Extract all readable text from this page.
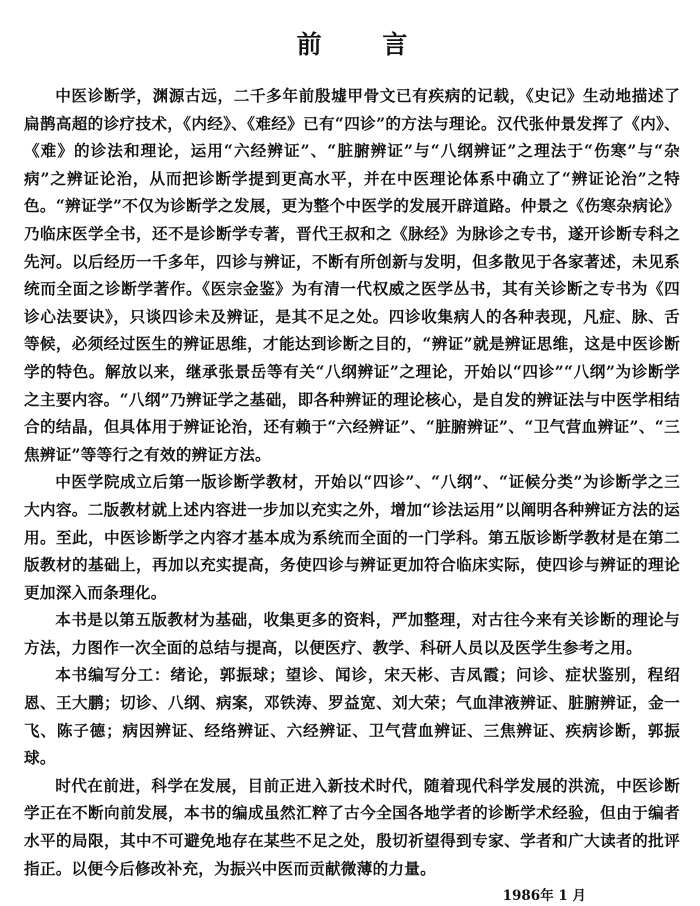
前 言

中医诊断学，渊源古远，二千多年前殷墟甲骨文已有疾病的记载，《史记》生动地描述了扁鹊高超的诊疗技术，《内经》、《难经》已有“四诊”的方法与理论。汉代张仲景发挥了《内》、《难》的诊法和理论，运用“六经辨证”、“脏腑辨证”与“八纲辨证”之理法于“伤寒”与“杂病”之辨证论治，从而把诊断学提到更高水平，并在中医理论体系中确立了“辨证论治”之特色。“辨证学”不仅为诊断学之发展，更为整个中医学的发展开辟道路。仲景之《伤寒杂病论》乃临床医学全书，还不是诊断学专著，晋代王叔和之《脉经》为脉诊之专书，遂开诊断专科之先河。以后经历一千多年，四诊与辨证，不断有所创新与发明，但多散见于各家著述，未见系统而全面之诊断学著作。《医宗金鉴》为有清一代权威之医学丛书，其有关诊断之专书为《四诊心法要诀》，只谈四诊未及辨证，是其不足之处。四诊收集病人的各种表现，凡症、脉、舌等候，必须经过医生的辨证思维，才能达到诊断之目的，“辨证”就是辨证思维，这是中医诊断学的特色。解放以来，继承张景岳等有关“八纲辨证”之理论，开始以“四诊”“八纲”为诊断学之主要内容。“八纲”乃辨证学之基础，即各种辨证的理论核心，是自发的辨证法与中医学相结合的结晶，但具体用于辨证论治，还有赖于“六经辨证”、“脏腑辨证”、“卫气营血辨证”、“三焦辨证”等等行之有效的辨证方法。

中医学院成立后第一版诊断学教材，开始以“四诊”、“八纲”、“证候分类”为诊断学之三大内容。二版教材就上述内容进一步加以充实之外，增加“诊法运用”以阐明各种辨证方法的运用。至此，中医诊断学之内容才基本成为系统而全面的一门学科。第五版诊断学教材是在第二版教材的基础上，再加以充实提高，务使四诊与辨证更加符合临床实际，使四诊与辨证的理论更加深入而条理化。

本书是以第五版教材为基础，收集更多的资料，严加整理，对古往今来有关诊断的理论与方法，力图作一次全面的总结与提高，以便医疗、教学、科研人员以及医学生参考之用。

本书编写分工：绪论，郭振球；望诊、闻诊，宋天彬、吉凤霞；问诊、症状鉴别，程绍恩、王大鹏；切诊、八纲、病案，邓铁涛、罗益宽、刘大荣；气血津液辨证、脏腑辨证，金一飞、陈子德；病因辨证、经络辨证、六经辨证、卫气营血辨证、三焦辨证、疾病诊断，郭振球。

时代在前进，科学在发展，目前正进入新技术时代，随着现代科学发展的洪流，中医诊断学正在不断向前发展，本书的编成虽然汇粹了古今全国各地学者的诊断学术经验，但由于编者水平的局限，其中不可避免地存在某些不足之处，殷切祈望得到专家、学者和广大读者的批评指正。以便今后修改补充，为振兴中医而贡献微薄的力量。

1986年 1 月
